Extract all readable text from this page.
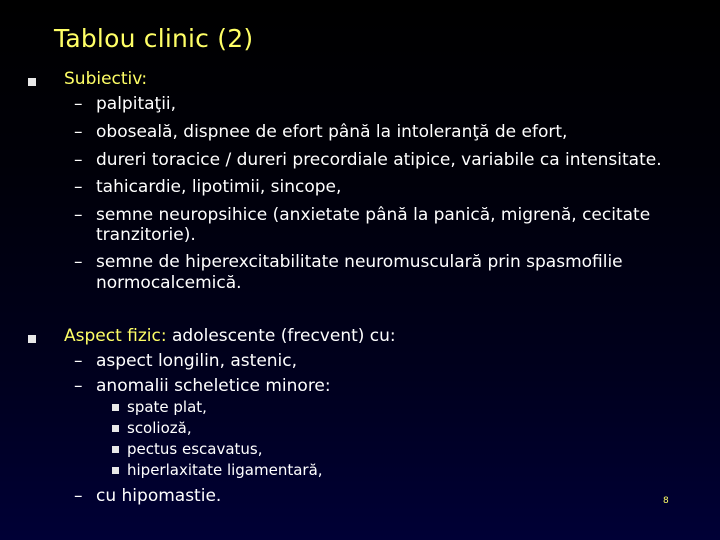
Tablou clinic (2)
Subiectiv:
– palpitaţii,
– oboseală, dispnee de efort până la intoleranţă de efort,
– dureri toracice / dureri precordiale atipice, variabile ca intensitate.
– tahicardie, lipotimii, sincope,
– semne neuropsihice (anxietate până la panică, migrenă, cecitate
tranzitorie).
– semne de hiperexcitabilitate neuromusculară prin spasmofilie
normocalcemică.
Aspect fizic: adolescente (frecvent) cu:
– aspect longilin, astenic,
– anomalii scheletice minore:
spate plat,
scolioză,
pectus escavatus,
hiperlaxitate ligamentară,
– cu hipomastie.	8
